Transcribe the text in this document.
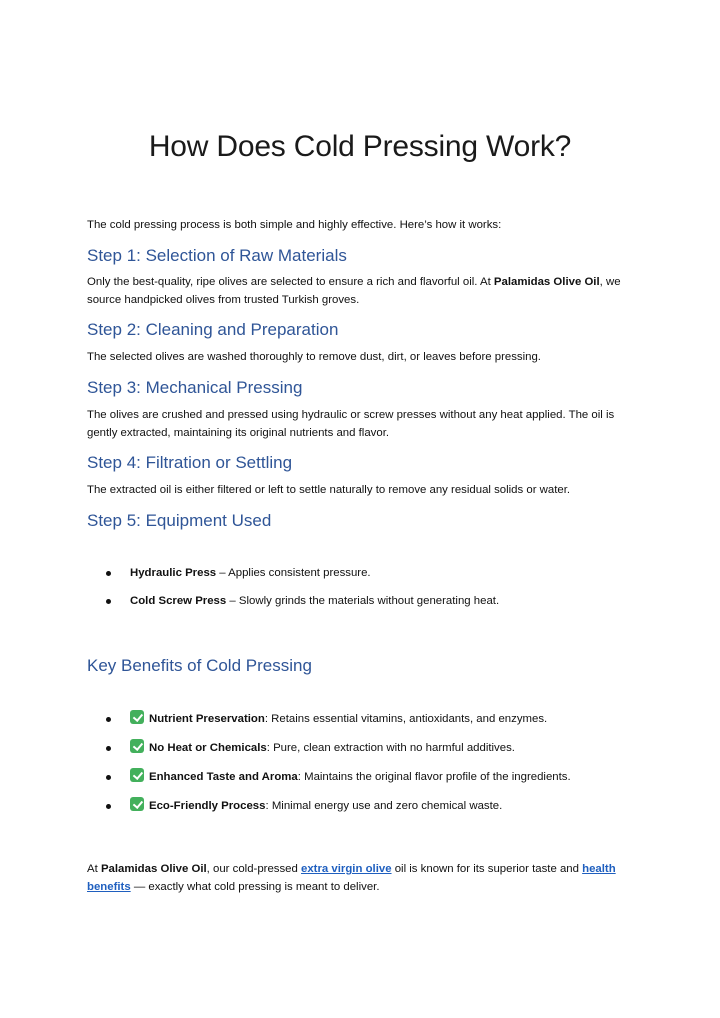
How Does Cold Pressing Work?

The cold pressing process is both simple and highly effective. Here’s how it works:

Step 1: Selection of Raw Materials

Only the best-quality, ripe olives are selected to ensure a rich and flavorful oil. At Palamidas Olive Oil, we source handpicked olives from trusted Turkish groves.

Step 2: Cleaning and Preparation

The selected olives are washed thoroughly to remove dust, dirt, or leaves before pressing.

Step 3: Mechanical Pressing

The olives are crushed and pressed using hydraulic or screw presses without any heat applied. The oil is gently extracted, maintaining its original nutrients and flavor.

Step 4: Filtration or Settling

The extracted oil is either filtered or left to settle naturally to remove any residual solids or water.

Step 5: Equipment Used
Hydraulic Press – Applies consistent pressure.
Cold Screw Press – Slowly grinds the materials without generating heat.
Key Benefits of Cold Pressing
Nutrient Preservation: Retains essential vitamins, antioxidants, and enzymes.
No Heat or Chemicals: Pure, clean extraction with no harmful additives.
Enhanced Taste and Aroma: Maintains the original flavor profile of the ingredients.
Eco-Friendly Process: Minimal energy use and zero chemical waste.

At Palamidas Olive Oil, our cold-pressed extra virgin olive oil is known for its superior taste and health benefits — exactly what cold pressing is meant to deliver.
